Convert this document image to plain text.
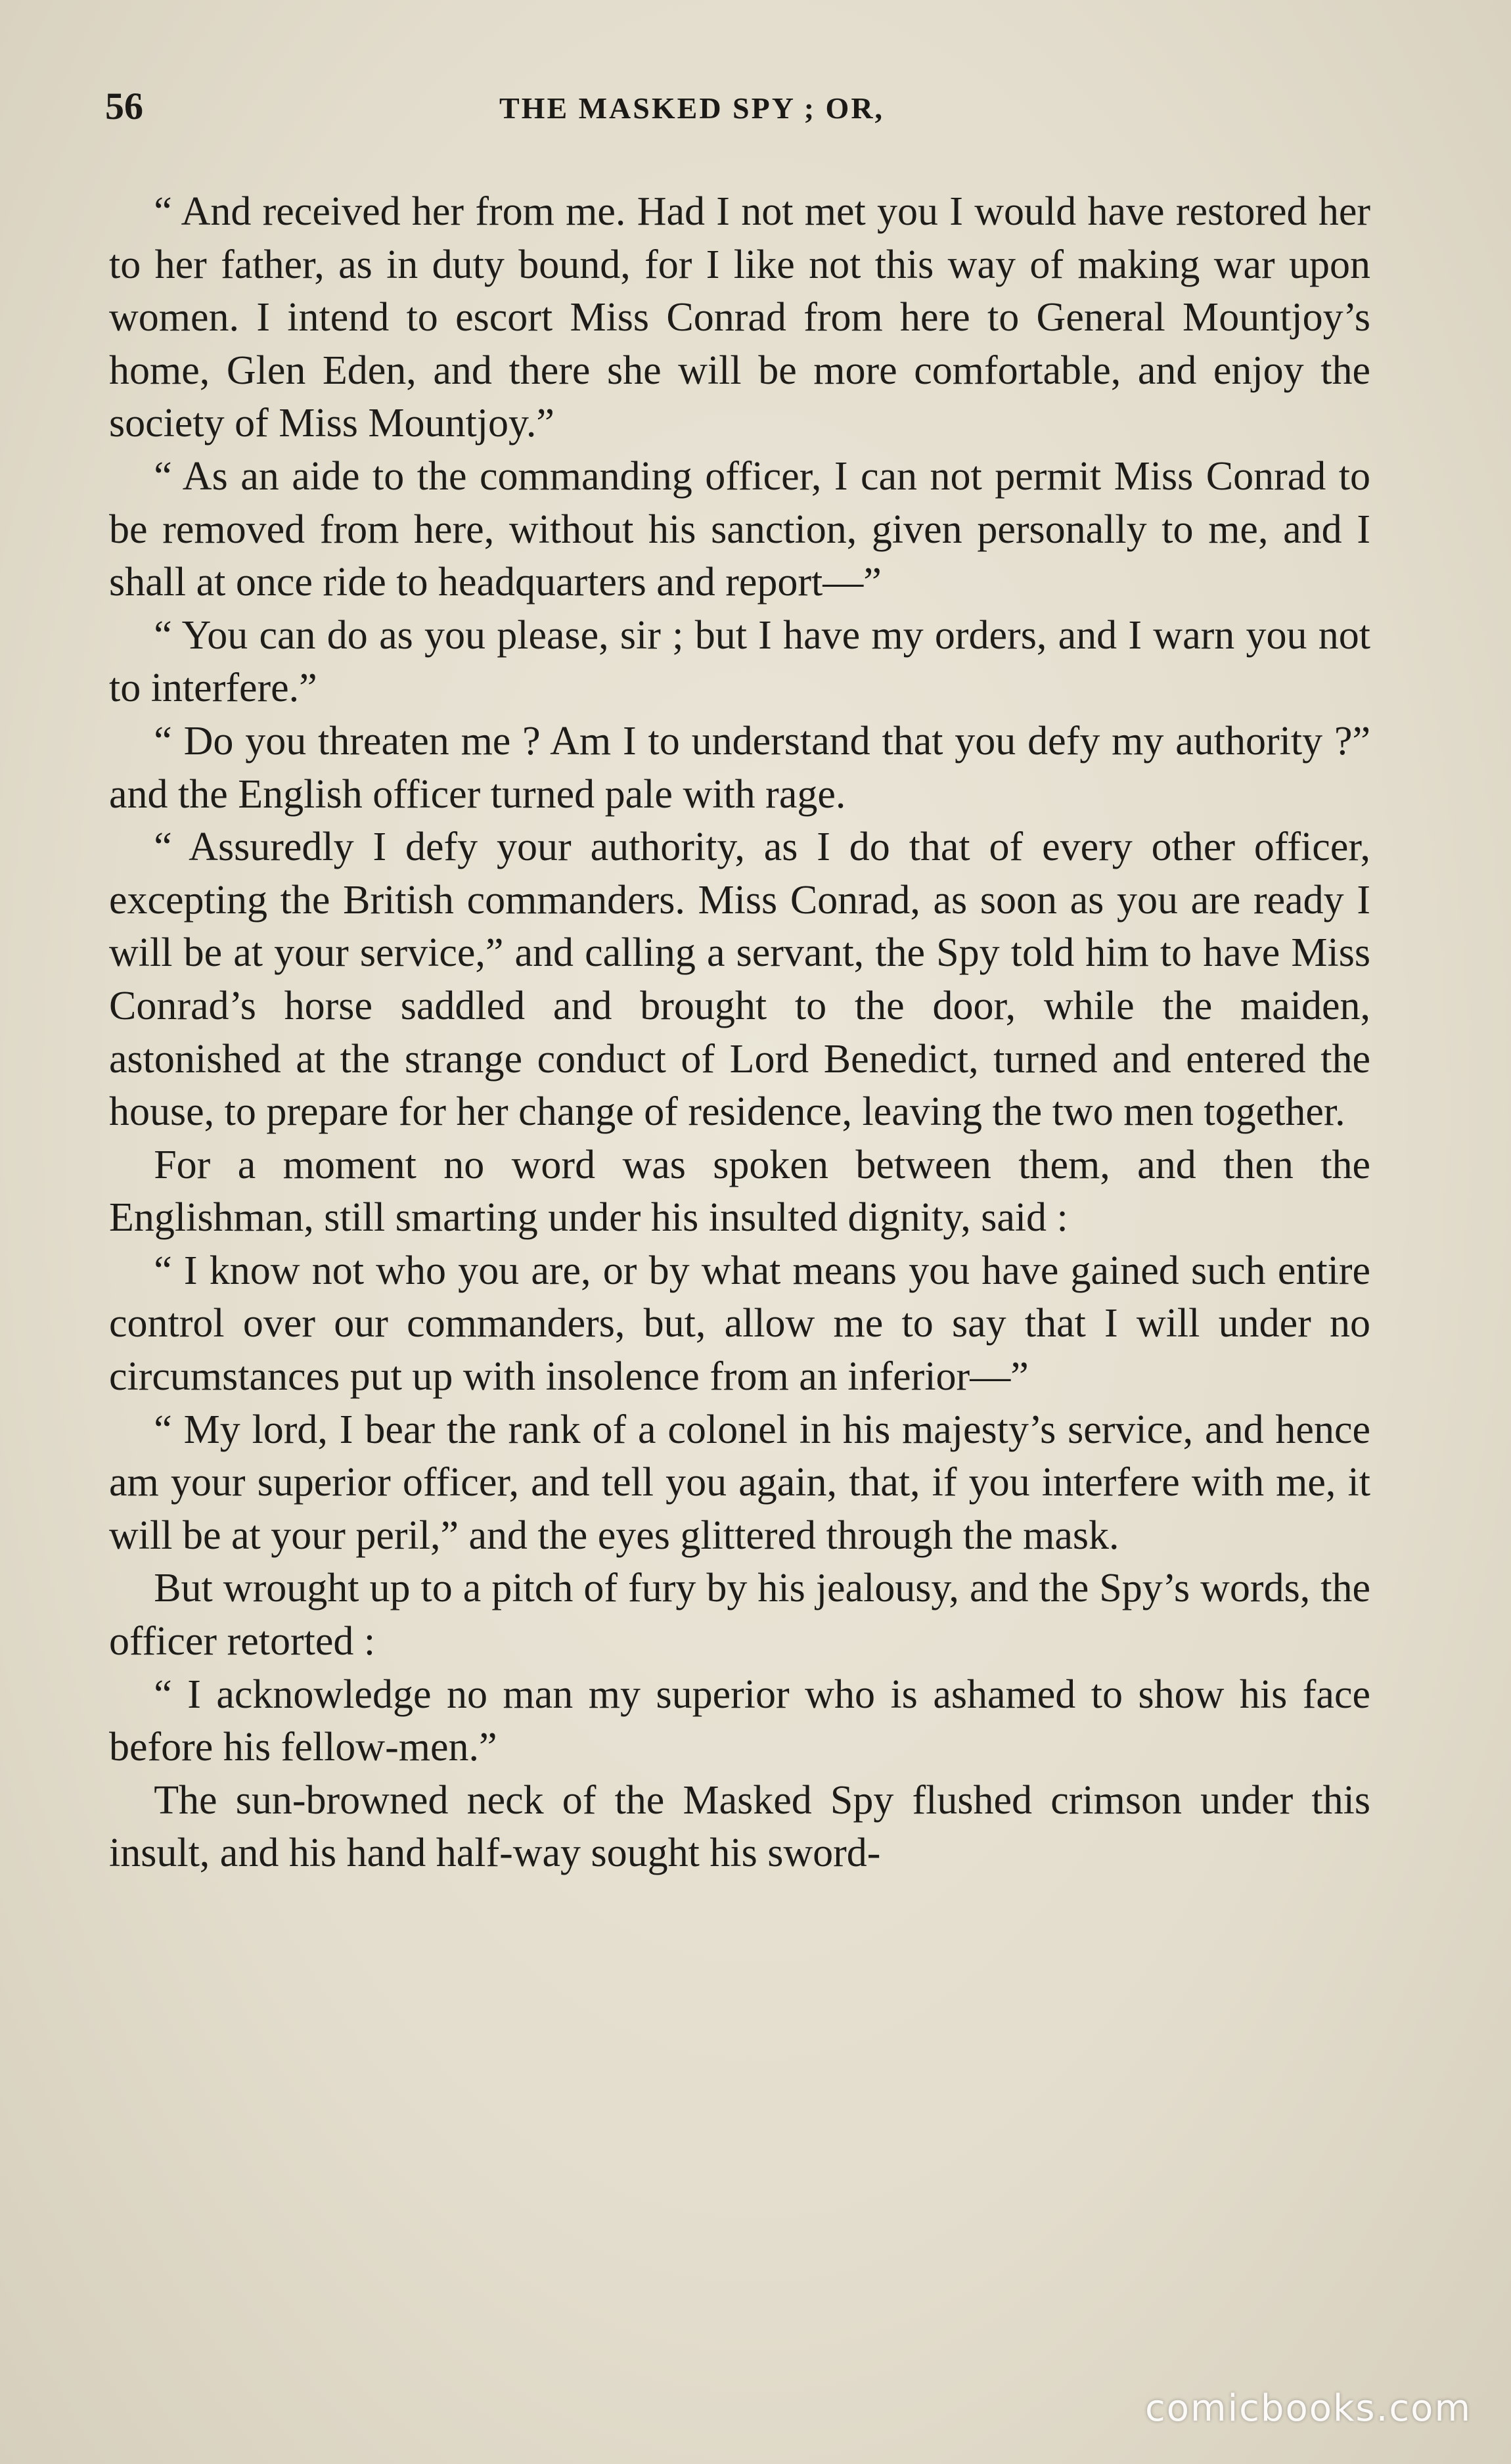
56	THE MASKED SPY ; OR,

“ And received her from me. Had I not met you I would have restored her to her father, as in duty bound, for I like not this way of making war upon women. I intend to escort Miss Conrad from here to General Mountjoy’s home, Glen Eden, and there she will be more comfortable, and enjoy the society of Miss Mountjoy.”

“ As an aide to the commanding officer, I can not permit Miss Conrad to be removed from here, without his sanction, given personally to me, and I shall at once ride to headquarters and report—”

“ You can do as you please, sir ; but I have my orders, and I warn you not to interfere.”

“ Do you threaten me ? Am I to understand that you defy my authority ?” and the English officer turned pale with rage.

“ Assuredly I defy your authority, as I do that of every other officer, excepting the British commanders. Miss Conrad, as soon as you are ready I will be at your service,” and calling a servant, the Spy told him to have Miss Conrad’s horse saddled and brought to the door, while the maiden, astonished at the strange conduct of Lord Benedict, turned and entered the house, to prepare for her change of residence, leaving the two men together.

For a moment no word was spoken between them, and then the Englishman, still smarting under his insulted dignity, said :

“ I know not who you are, or by what means you have gained such entire control over our commanders, but, allow me to say that I will under no circumstances put up with insolence from an inferior—”

“ My lord, I bear the rank of a colonel in his majesty’s service, and hence am your superior officer, and tell you again, that, if you interfere with me, it will be at your peril,” and the eyes glittered through the mask.

But wrought up to a pitch of fury by his jealousy, and the Spy’s words, the officer retorted :

“ I acknowledge no man my superior who is ashamed to show his face before his fellow-men.”

The sun-browned neck of the Masked Spy flushed crimson under this insult, and his hand half-way sought his sword-

comicbooks.com
